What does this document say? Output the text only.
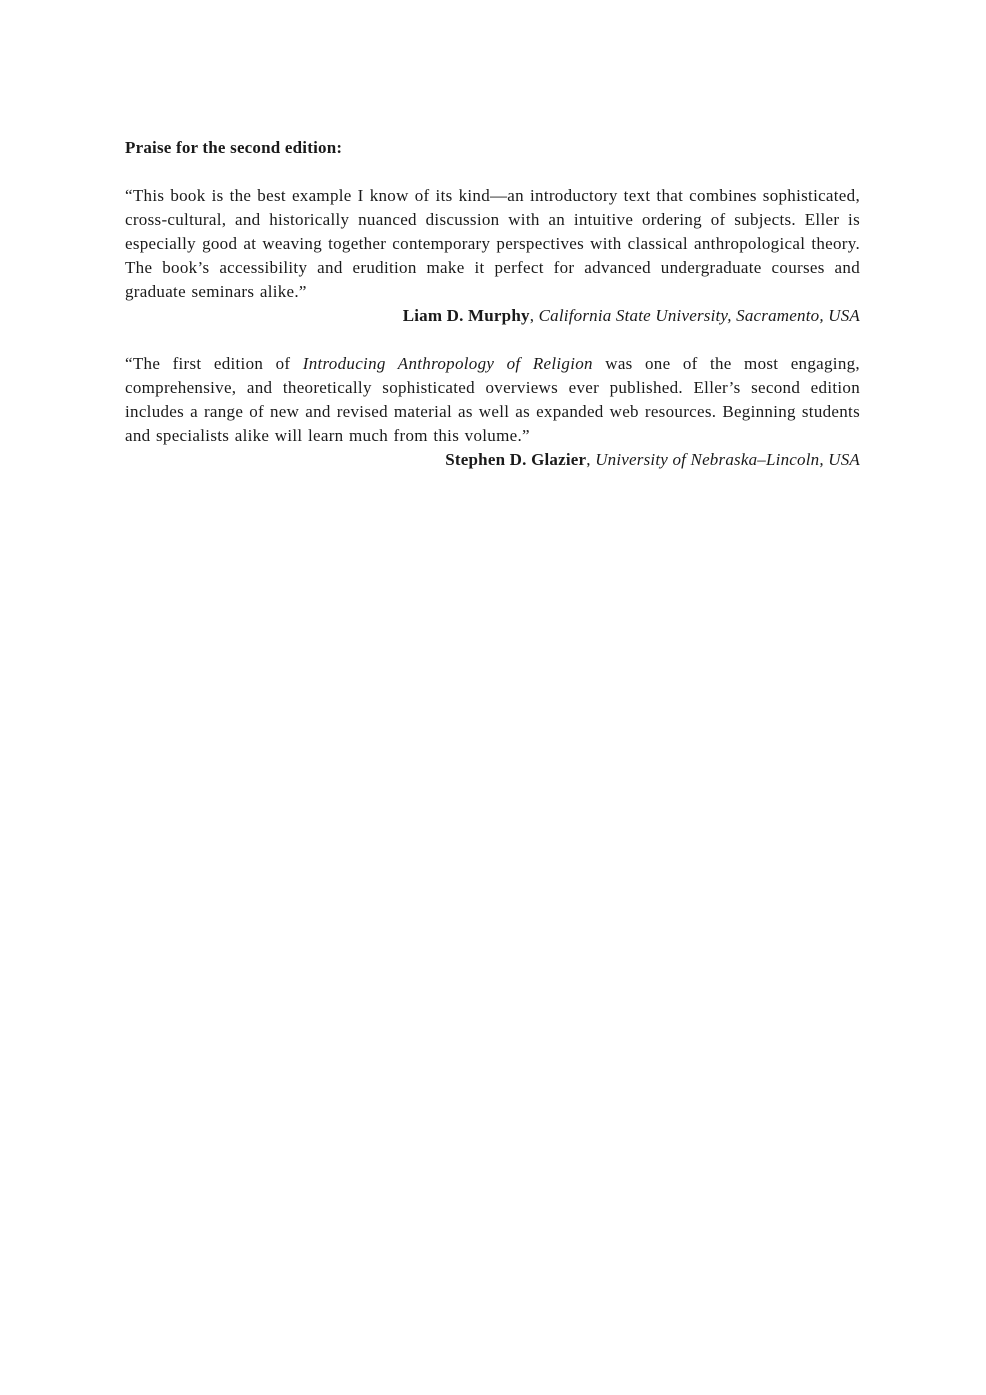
Praise for the second edition:

“This book is the best example I know of its kind—an introductory text that combines sophisticated, cross-cultural, and historically nuanced discussion with an intuitive ordering of subjects. Eller is especially good at weaving together contemporary perspectives with classical anthropological theory. The book’s accessibility and erudition make it perfect for advanced undergraduate courses and graduate seminars alike.”

Liam D. Murphy, California State University, Sacramento, USA

“The first edition of Introducing Anthropology of Religion was one of the most engaging, comprehensive, and theoretically sophisticated overviews ever published. Eller’s second edition includes a range of new and revised material as well as expanded web resources. Beginning students and specialists alike will learn much from this volume.”

Stephen D. Glazier, University of Nebraska–Lincoln, USA
